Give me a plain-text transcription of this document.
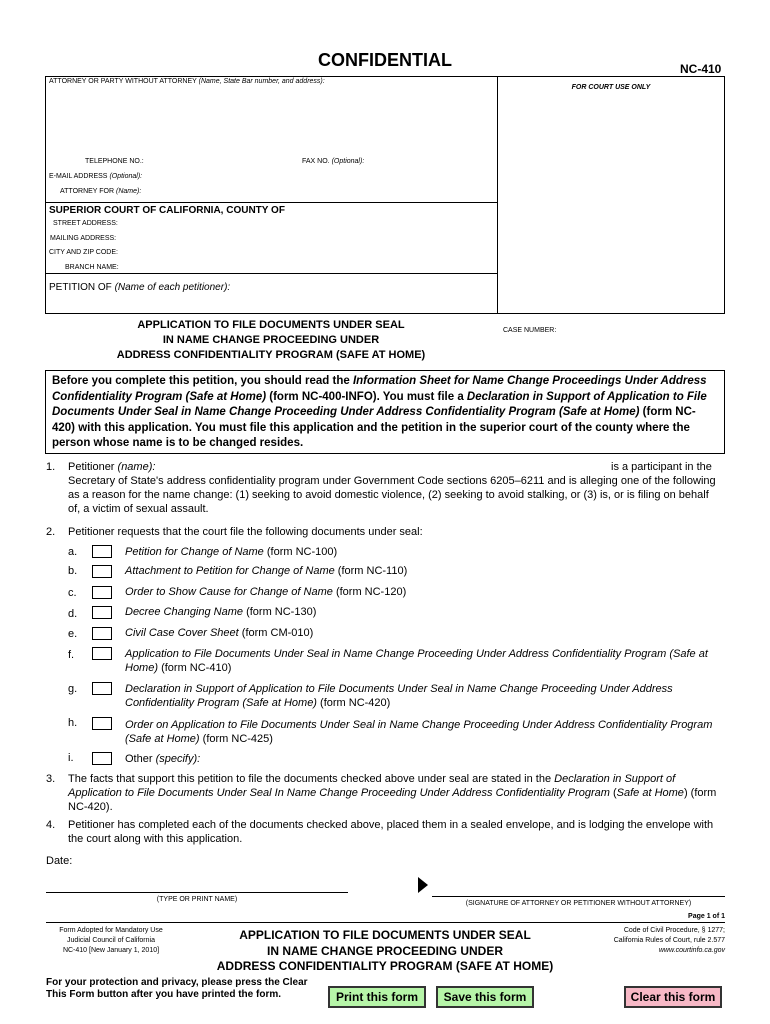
CONFIDENTIAL	NC-410
ATTORNEY OR PARTY WITHOUT ATTORNEY (Name, State Bar number, and address):
FOR COURT USE ONLY
TELEPHONE NO.:	FAX NO. (Optional):
E-MAIL ADDRESS (Optional):
ATTORNEY FOR (Name):
SUPERIOR COURT OF CALIFORNIA, COUNTY OF
STREET ADDRESS:
MAILING ADDRESS:
CITY AND ZIP CODE:
BRANCH NAME:
PETITION OF (Name of each petitioner):
APPLICATION TO FILE DOCUMENTS UNDER SEAL
IN NAME CHANGE PROCEEDING UNDER
ADDRESS CONFIDENTIALITY PROGRAM (SAFE AT HOME)
CASE NUMBER:
Before you complete this petition, you should read the Information Sheet for Name Change Proceedings Under Address Confidentiality Program (Safe at Home) (form NC-400-INFO). You must file a Declaration in Support of Application to File Documents Under Seal in Name Change Proceeding Under Address Confidentiality Program (Safe at Home) (form NC-420) with this application. You must file this application and the petition in the superior court of the county where the person whose name is to be changed resides.
1. Petitioner (name):	is a participant in the
Secretary of State's address confidentiality program under Government Code sections 6205–6211 and is alleging one of the following as a reason for the name change: (1) seeking to avoid domestic violence, (2) seeking to avoid stalking, or (3) is, or is filing on behalf of, a victim of sexual assault.
2. Petitioner requests that the court file the following documents under seal:
a.	Petition for Change of Name (form NC-100)
b.	Attachment to Petition for Change of Name (form NC-110)
c.	Order to Show Cause for Change of Name (form NC-120)
d.	Decree Changing Name (form NC-130)
e.	Civil Case Cover Sheet (form CM-010)
f.	Application to File Documents Under Seal in Name Change Proceeding Under Address Confidentiality Program (Safe at Home) (form NC-410)
g.	Declaration in Support of Application to File Documents Under Seal in Name Change Proceeding Under Address Confidentiality Program (Safe at Home) (form NC-420)
h.	Order on Application to File Documents Under Seal in Name Change Proceeding Under Address Confidentiality Program (Safe at Home) (form NC-425)
i.	Other (specify):
3. The facts that support this petition to file the documents checked above under seal are stated in the Declaration in Support of Application to File Documents Under Seal In Name Change Proceeding Under Address Confidentiality Program (Safe at Home) (form NC-420).
4. Petitioner has completed each of the documents checked above, placed them in a sealed envelope, and is lodging the envelope with the court along with this application.
Date:
(TYPE OR PRINT NAME)
(SIGNATURE OF ATTORNEY OR PETITIONER WITHOUT ATTORNEY)
Page 1 of 1
Form Adopted for Mandatory Use
Judicial Council of California
NC-410 [New January 1, 2010]
APPLICATION TO FILE DOCUMENTS UNDER SEAL
IN NAME CHANGE PROCEEDING UNDER
ADDRESS CONFIDENTIALITY PROGRAM (SAFE AT HOME)
Code of Civil Procedure, § 1277;
California Rules of Court, rule 2.577
www.courtinfo.ca.gov
For your protection and privacy, please press the Clear
This Form button after you have printed the form.	Print this form	Save this form	Clear this form
